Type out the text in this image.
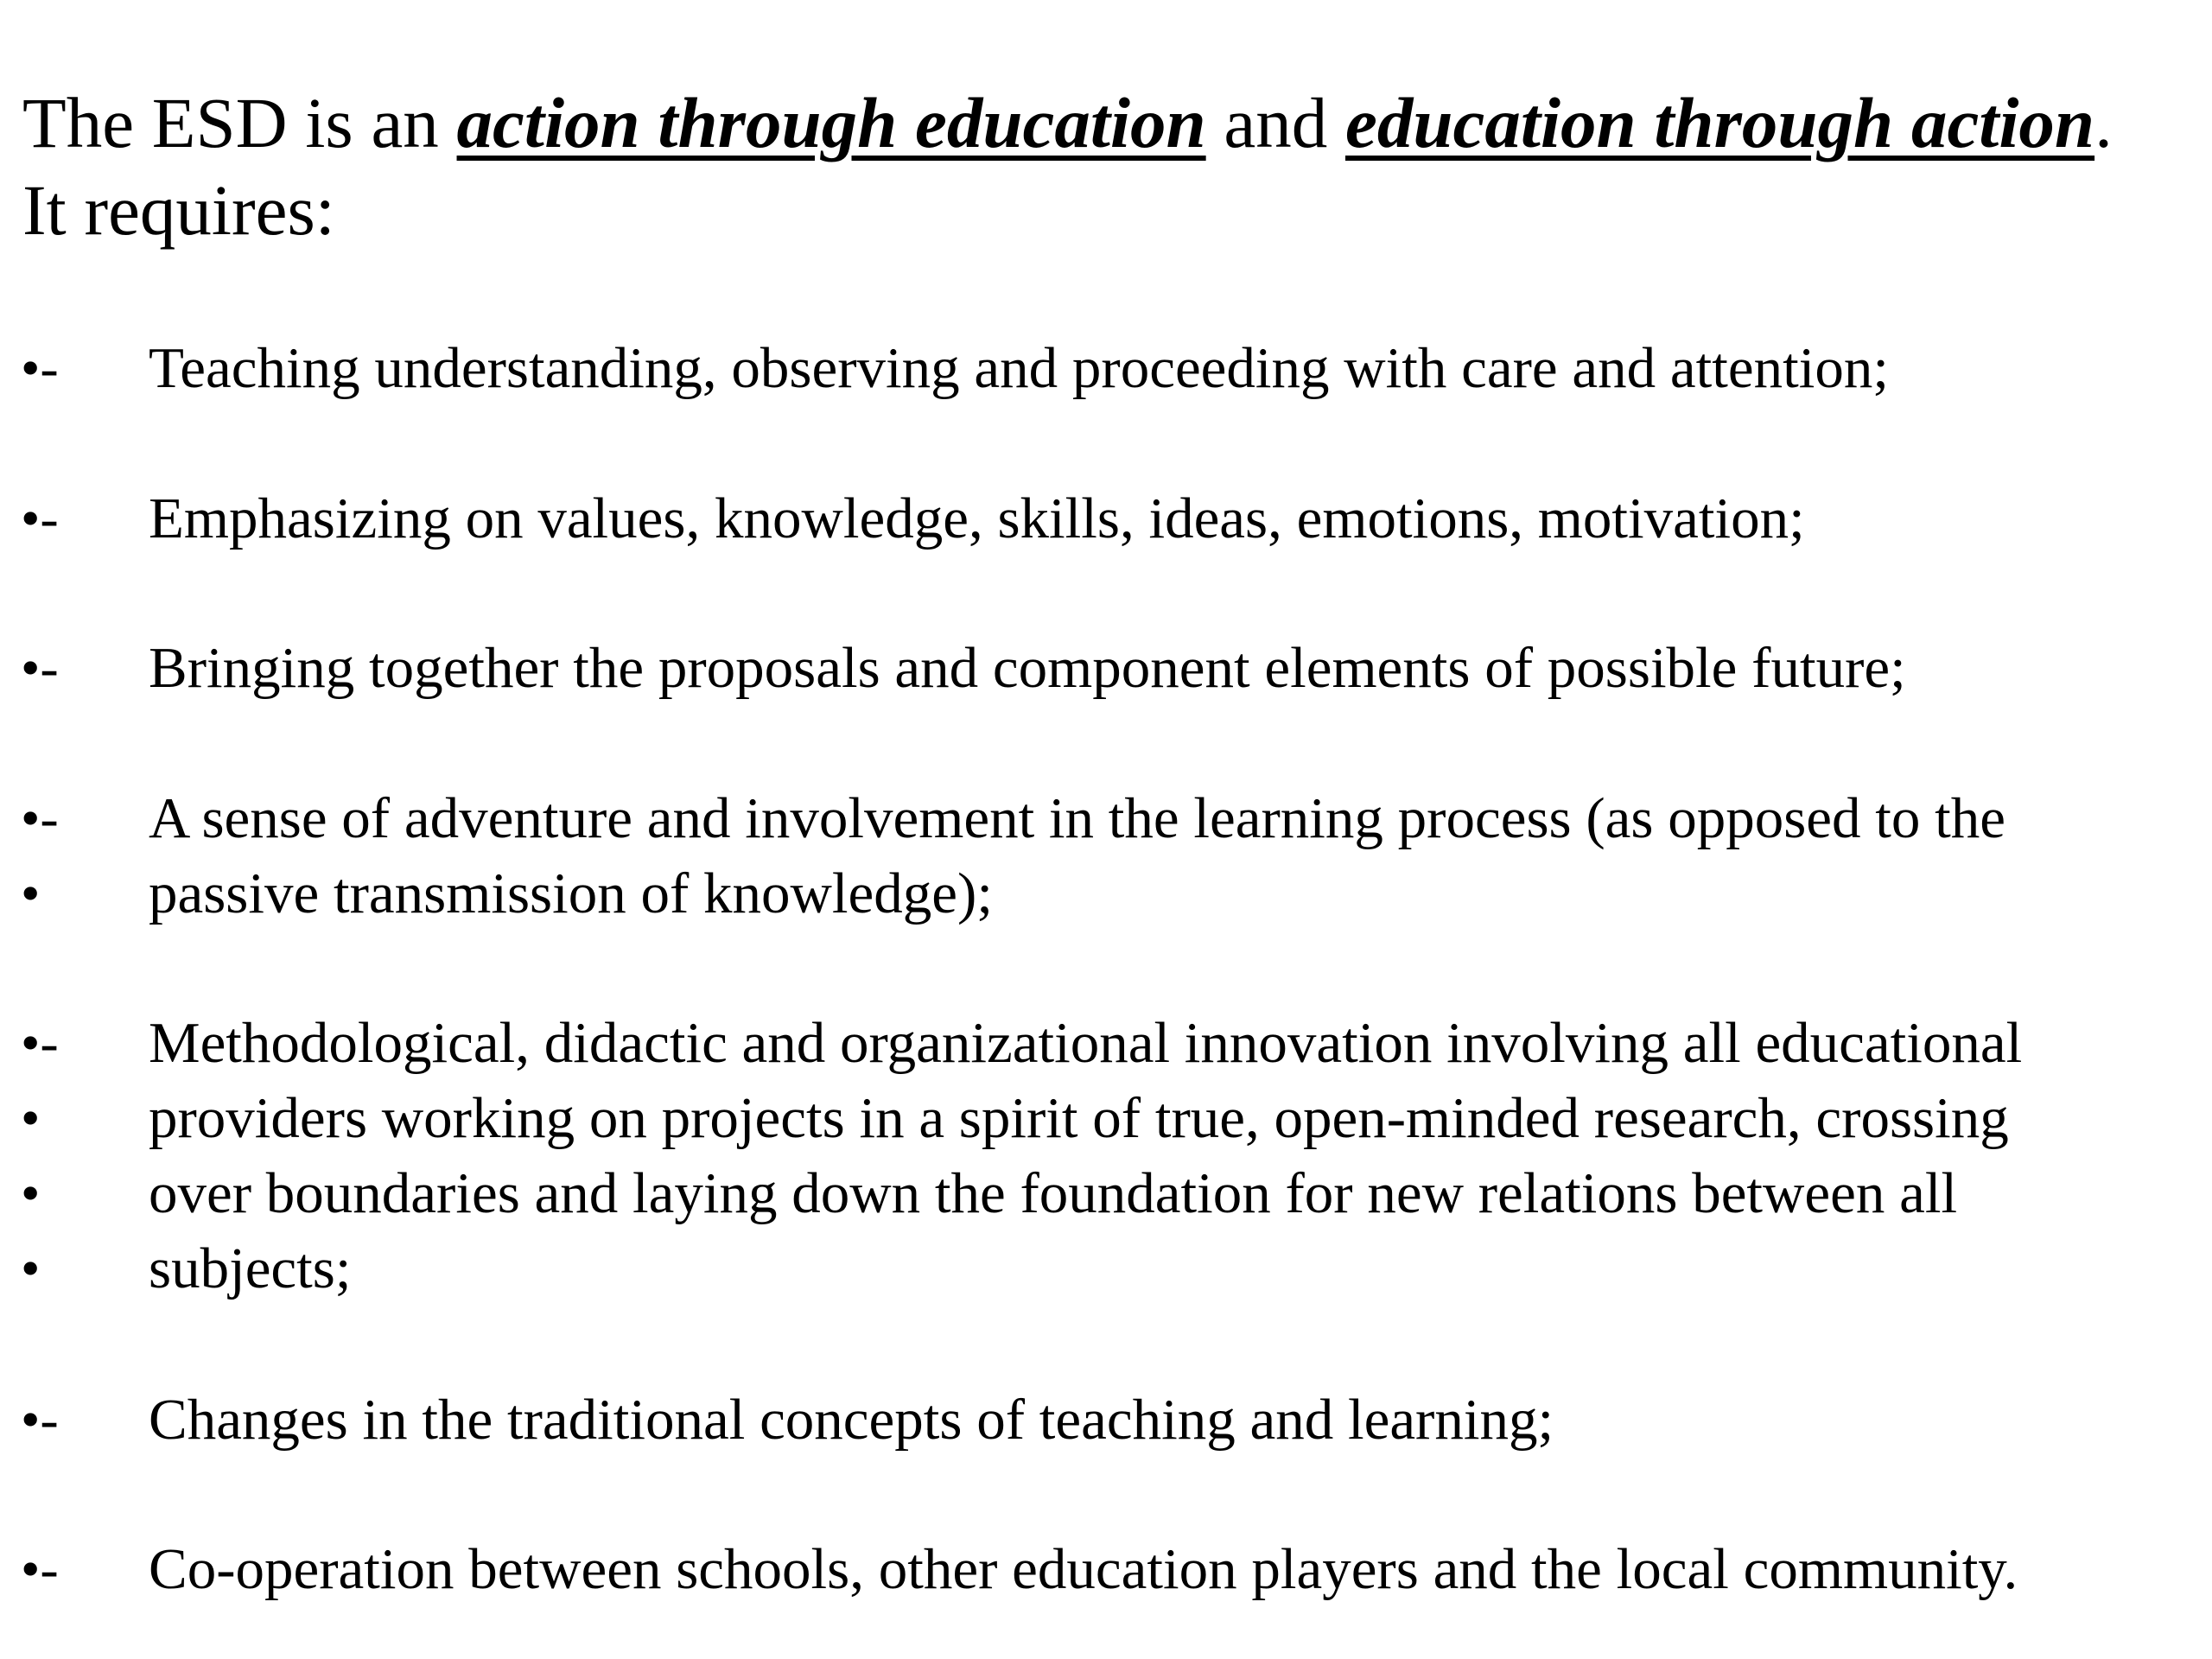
The ESD is an action through education and education through action.
It requires:
•- Teaching understanding, observing and proceeding with care and attention;
•- Emphasizing on values, knowledge, skills, ideas, emotions, motivation;
•- Bringing together the proposals and component elements of possible future;
•- A sense of adventure and involvement in the learning process (as opposed to the
• passive transmission of knowledge);
•- Methodological, didactic and organizational innovation involving all educational
• providers working on projects in a spirit of true, open-minded research, crossing
• over boundaries and laying down the foundation for new relations between all
• subjects;
•- Changes in the traditional concepts of teaching and learning;
•- Co-operation between schools, other education players and the local community.
